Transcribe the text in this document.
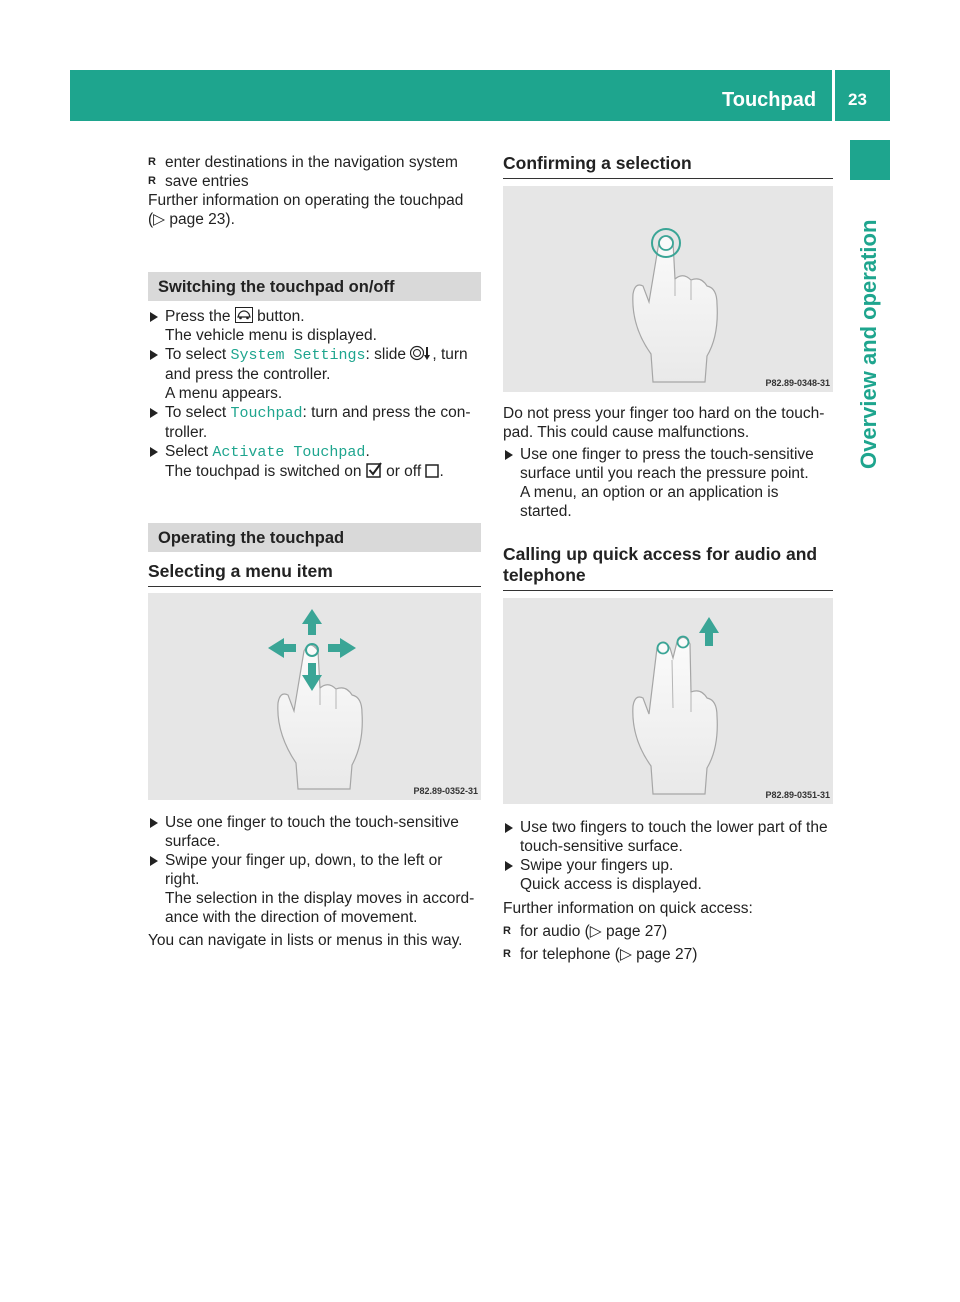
Touchpad 23
Overview and operation

R enter destinations in the navigation system

R save entries

Further information on operating the touchpad

(▷ page 23).

Switching the touchpad on/off

Press the button.
The vehicle menu is displayed.

To select System Settings: slide , turn
and press the controller.
A menu appears.

To select Touchpad: turn and press the con-
troller.

Select Activate Touchpad.
The touchpad is switched on or off .

Operating the touchpad
Selecting a menu item
P82.89-0352-31

Use one finger to touch the touch-sensitive
surface.

Swipe your finger up, down, to the left or right.
The selection in the display moves in accord-
ance with the direction of movement.

You can navigate in lists or menus in this way.

Confirming a selection
P82.89-0348-31

Do not press your finger too hard on the touch-
pad. This could cause malfunctions.

Use one finger to press the touch-sensitive
surface until you reach the pressure point.
A menu, an option or an application is started.

Calling up quick access for audio and
telephone
P82.89-0351-31

Use two fingers to touch the lower part of the
touch-sensitive surface.

Swipe your fingers up.
Quick access is displayed.

Further information on quick access:

R for audio (▷ page 27)

R for telephone (▷ page 27)
